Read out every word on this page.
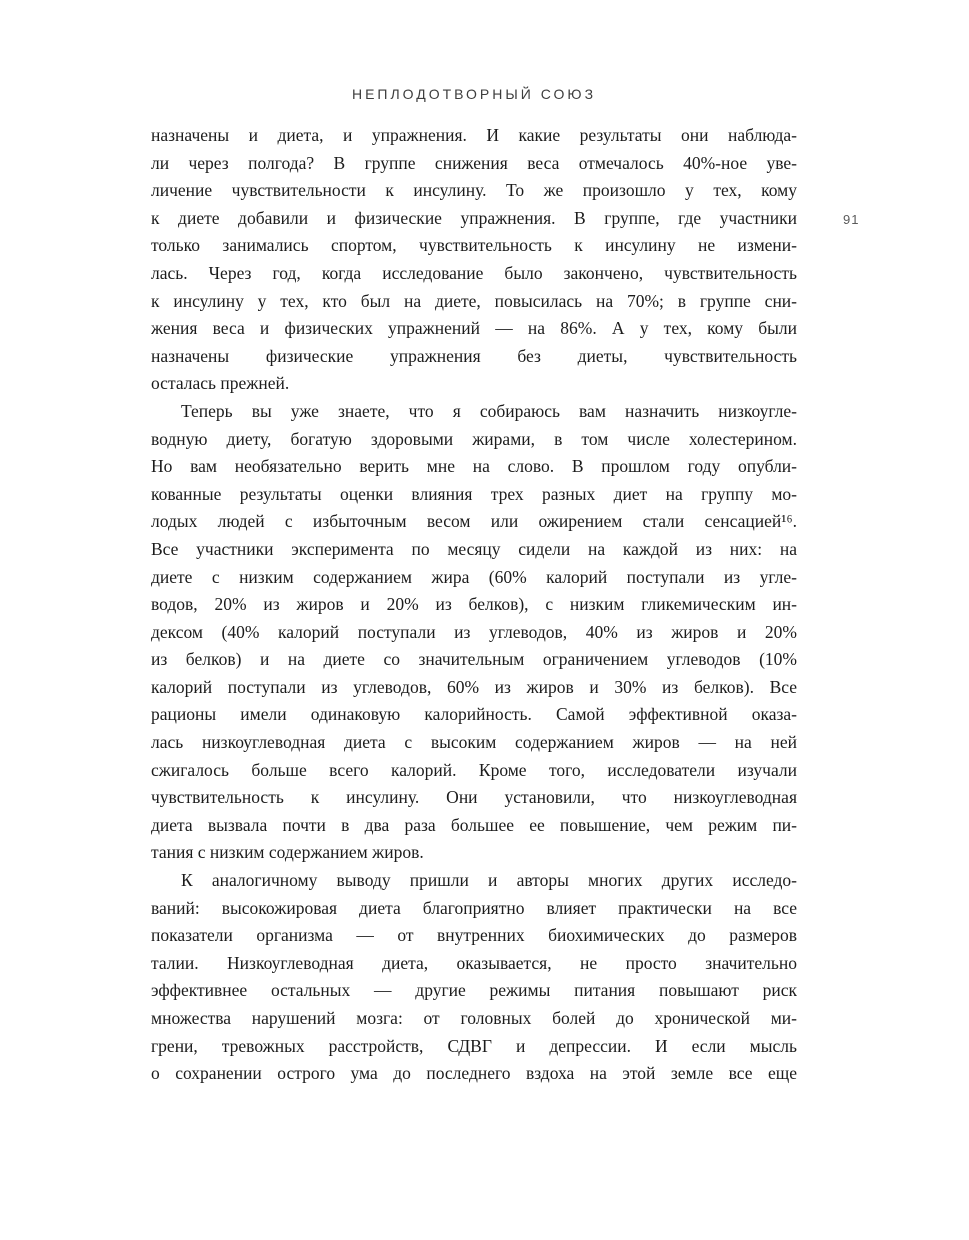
НЕПЛОДОТВОРНЫЙ СОЮЗ
91
назначены и диета, и упражнения. И какие результаты они наблюда-
ли через полгода? В группе снижения веса отмечалось 40%-ное уве-
личение чувствительности к инсулину. То же произошло у тех, кому
к диете добавили и физические упражнения. В группе, где участники
только занимались спортом, чувствительность к инсулину не измени-
лась. Через год, когда исследование было закончено, чувствительность
к инсулину у тех, кто был на диете, повысилась на 70%; в группе сни-
жения веса и физических упражнений — на 86%. А у тех, кому были
назначены физические упражнения без диеты, чувствительность
осталась прежней.
Теперь вы уже знаете, что я собираюсь вам назначить низкоугле-
водную диету, богатую здоровыми жирами, в том числе холестерином.
Но вам необязательно верить мне на слово. В прошлом году опубли-
кованные результаты оценки влияния трех разных диет на группу мо-
лодых людей с избыточным весом или ожирением стали сенсацией¹⁶.
Все участники эксперимента по месяцу сидели на каждой из них: на
диете с низким содержанием жира (60% калорий поступали из угле-
водов, 20% из жиров и 20% из белков), с низким гликемическим ин-
дексом (40% калорий поступали из углеводов, 40% из жиров и 20%
из белков) и на диете со значительным ограничением углеводов (10%
калорий поступали из углеводов, 60% из жиров и 30% из белков). Все
рационы имели одинаковую калорийность. Самой эффективной оказа-
лась низкоуглеводная диета с высоким содержанием жиров — на ней
сжигалось больше всего калорий. Кроме того, исследователи изучали
чувствительность к инсулину. Они установили, что низкоуглеводная
диета вызвала почти в два раза большее ее повышение, чем режим пи-
тания с низким содержанием жиров.
К аналогичному выводу пришли и авторы многих других исследо-
ваний: высокожировая диета благоприятно влияет практически на все
показатели организма — от внутренних биохимических до размеров
талии. Низкоуглеводная диета, оказывается, не просто значительно
эффективнее остальных — другие режимы питания повышают риск
множества нарушений мозга: от головных болей до хронической ми-
грени, тревожных расстройств, СДВГ и депрессии. И если мысль
о сохранении острого ума до последнего вздоха на этой земле все еще
